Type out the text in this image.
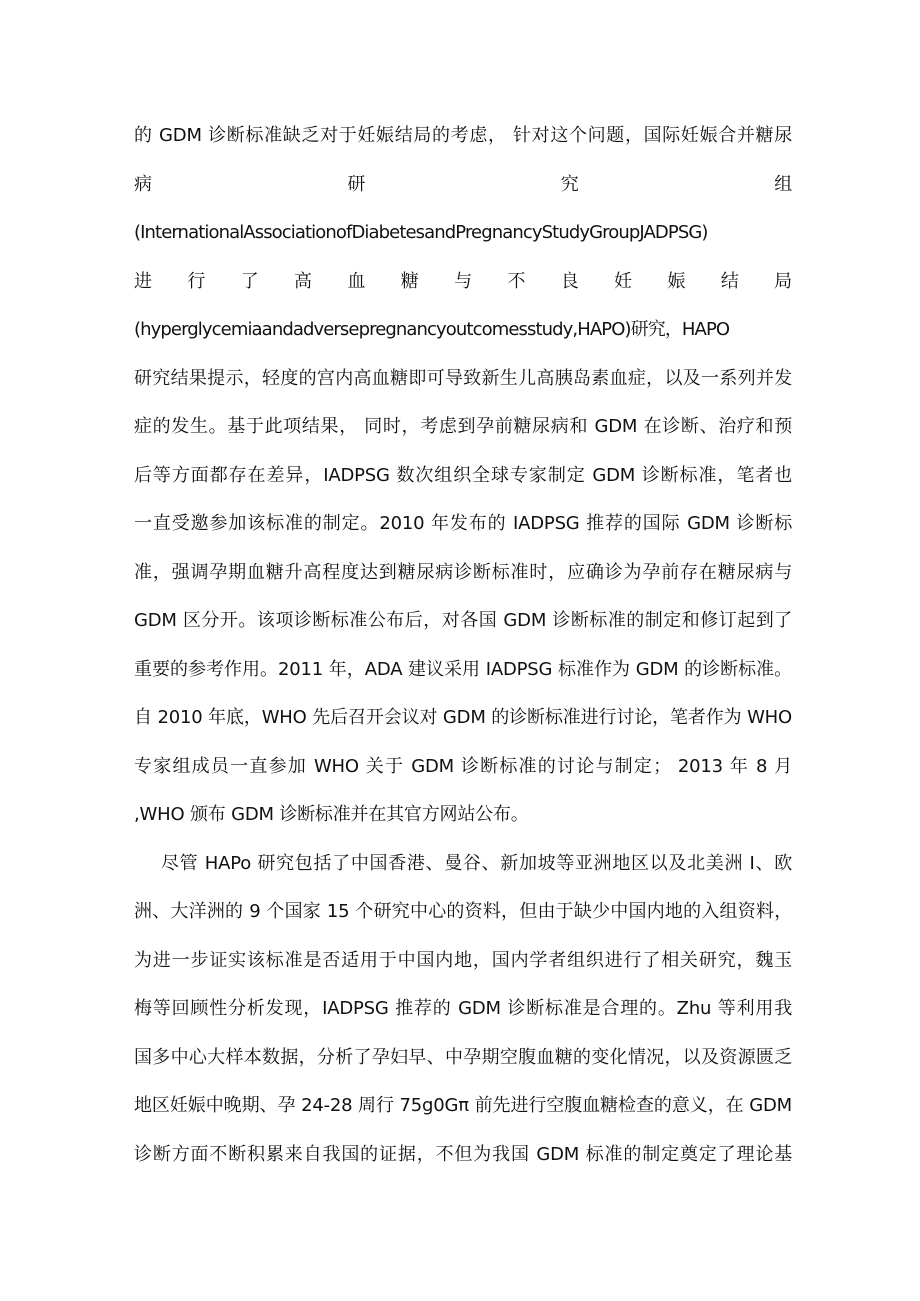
的 GDM 诊断标准缺乏对于妊娠结局的考虑， 针对这个问题，国际妊娠合并糖尿
病 研 究 组
(InternationalAssociationofDiabetesandPregnancyStudyGroupJADPSG)
进 行 了 高 血 糖 与 不 良 妊 娠 结 局
(hyperglycemiaandadversepregnancyoutcomesstudy,HAPO)研究，HAPO
研究结果提示，轻度的宫内高血糖即可导致新生儿高胰岛素血症，以及一系列并发
症的发生。基于此项结果， 同时，考虑到孕前糖尿病和 GDM 在诊断、治疗和预
后等方面都存在差异，IADPSG 数次组织全球专家制定 GDM 诊断标准，笔者也
一直受邀参加该标准的制定。2010 年发布的 IADPSG 推荐的国际 GDM 诊断标
准，强调孕期血糖升高程度达到糖尿病诊断标准时，应确诊为孕前存在糖尿病与
GDM 区分开。该项诊断标准公布后，对各国 GDM 诊断标准的制定和修订起到了
重要的参考作用。2011 年，ADA 建议采用 IADPSG 标准作为 GDM 的诊断标准。
自 2010 年底，WHO 先后召开会议对 GDM 的诊断标准进行讨论，笔者作为 WHO
专家组成员一直参加 WHO 关于 GDM 诊断标准的讨论与制定； 2013 年 8 月
,WHO 颁布 GDM 诊断标准并在其官方网站公布。
尽管 HAPo 研究包括了中国香港、曼谷、新加坡等亚洲地区以及北美洲 I、欧
洲、大洋洲的 9 个国家 15 个研究中心的资料，但由于缺少中国内地的入组资料，
为进一步证实该标准是否适用于中国内地，国内学者组织进行了相关研究，魏玉
梅等回顾性分析发现，IADPSG 推荐的 GDM 诊断标准是合理的。Zhu 等利用我
国多中心大样本数据，分析了孕妇早、中孕期空腹血糖的变化情况，以及资源匮乏
地区妊娠中晚期、孕 24-28 周行 75g0Gπ 前先进行空腹血糖检查的意义，在 GDM
诊断方面不断积累来自我国的证据，不但为我国 GDM 标准的制定奠定了理论基
